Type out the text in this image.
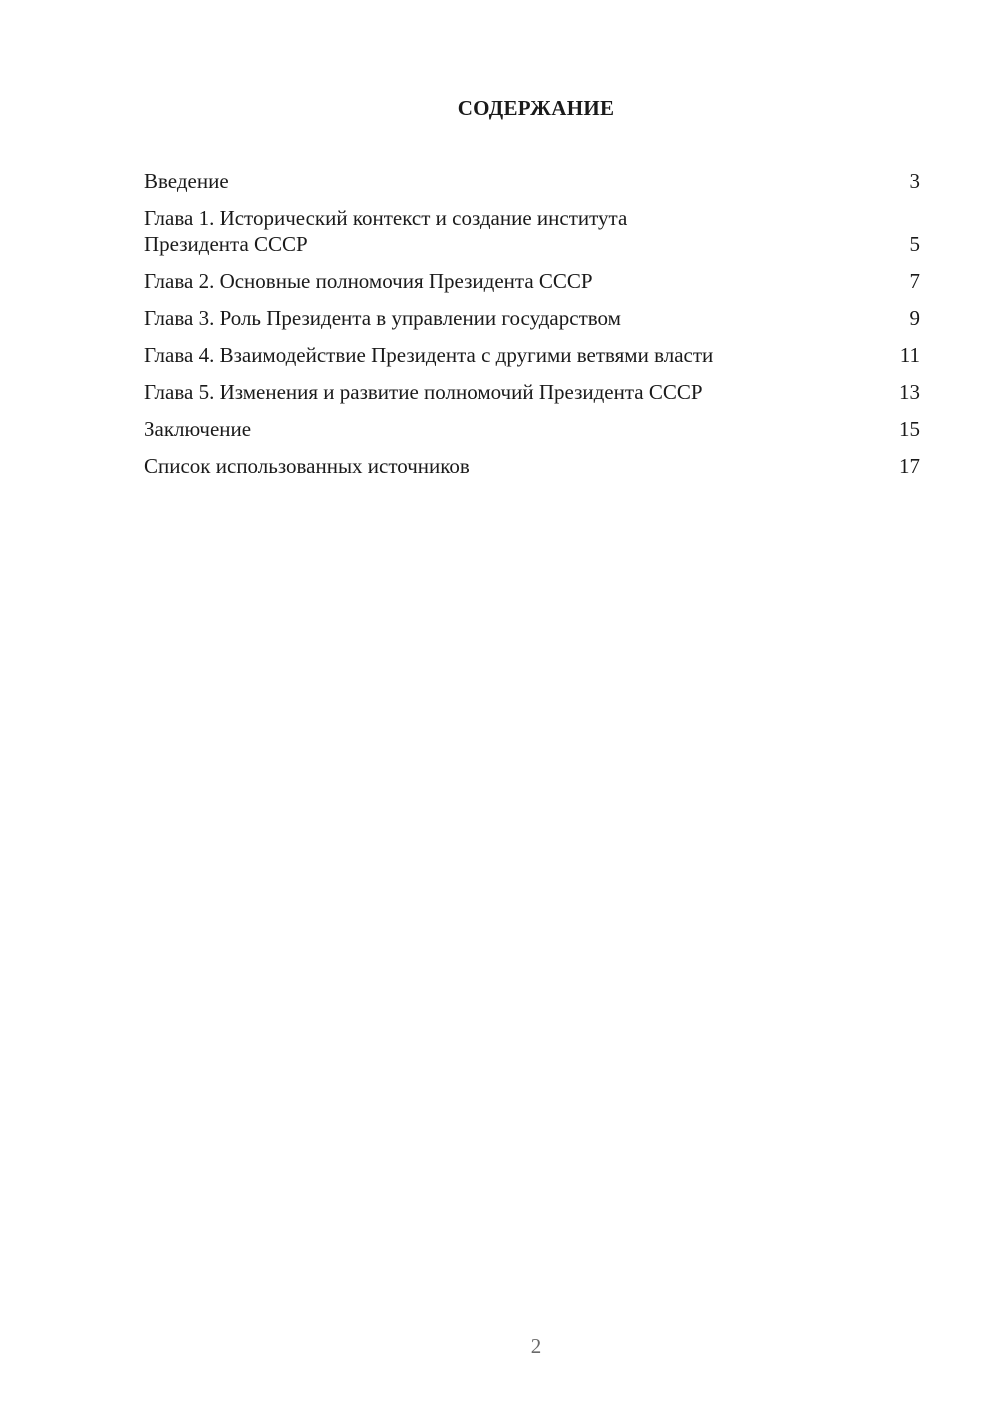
СОДЕРЖАНИЕ
Введение	3
Глава 1. Исторический контекст и создание института Президента СССР	5
Глава 2. Основные полномочия Президента СССР	7
Глава 3. Роль Президента в управлении государством	9
Глава 4. Взаимодействие Президента с другими ветвями власти	11
Глава 5. Изменения и развитие полномочий Президента СССР	13
Заключение	15
Список использованных источников	17
2
